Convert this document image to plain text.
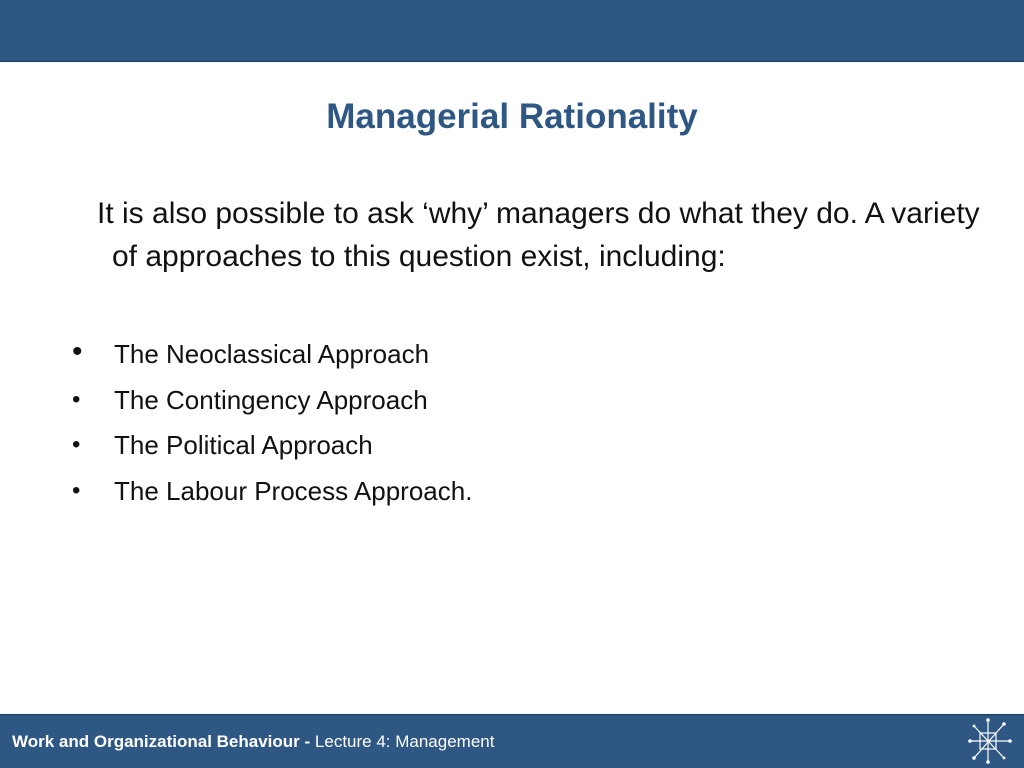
Managerial Rationality
It is also possible to ask ‘why’ managers do what they do. A variety of approaches to this question exist, including:
• The Neoclassical Approach
• The Contingency Approach
• The Political Approach
• The Labour Process Approach.
Work and Organizational Behaviour - Lecture 4: Management
